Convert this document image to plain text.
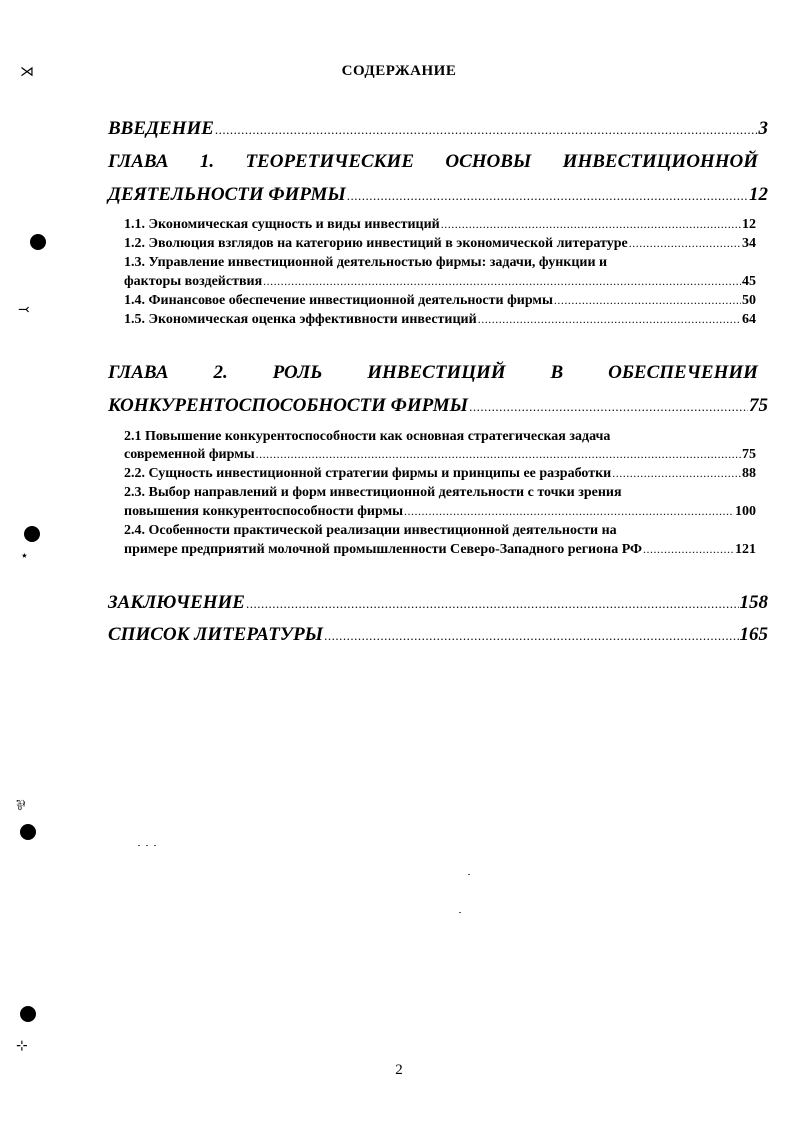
⋊
⤙
⋆
⅌
⊹
СОДЕРЖАНИЕ
ВВЕДЕНИЕ .....	3
ГЛАВА 1. ТЕОРЕТИЧЕСКИЕ ОСНОВЫ ИНВЕСТИЦИОННОЙ
ДЕЯТЕЛЬНОСТИ ФИРМЫ .....	12
1.1. Экономическая сущность и виды инвестиций .....	12
1.2. Эволюция взглядов на категорию инвестиций в экономической литературе .....	34
1.3. Управление инвестиционной деятельностью фирмы: задачи, функции и
факторы воздействия .....	45
1.4. Финансовое обеспечение инвестиционной деятельности фирмы .....	50
1.5. Экономическая оценка эффективности инвестиций .....	64
ГЛАВА 2. РОЛЬ ИНВЕСТИЦИЙ В ОБЕСПЕЧЕНИИ
КОНКУРЕНТОСПОСОБНОСТИ ФИРМЫ .....	75
2.1 Повышение конкурентоспособности как основная стратегическая задача
современной фирмы .....	75
2.2. Сущность инвестиционной стратегии фирмы и принципы ее разработки .....	88
2.3. Выбор направлений и форм инвестиционной деятельности с точки зрения
повышения конкурентоспособности фирмы .....	100
2.4. Особенности практической реализации инвестиционной деятельности на
примере предприятий молочной промышленности Северо-Западного региона РФ .....	121
ЗАКЛЮЧЕНИЕ .....	158
СПИСОК ЛИТЕРАТУРЫ .....	165
2
